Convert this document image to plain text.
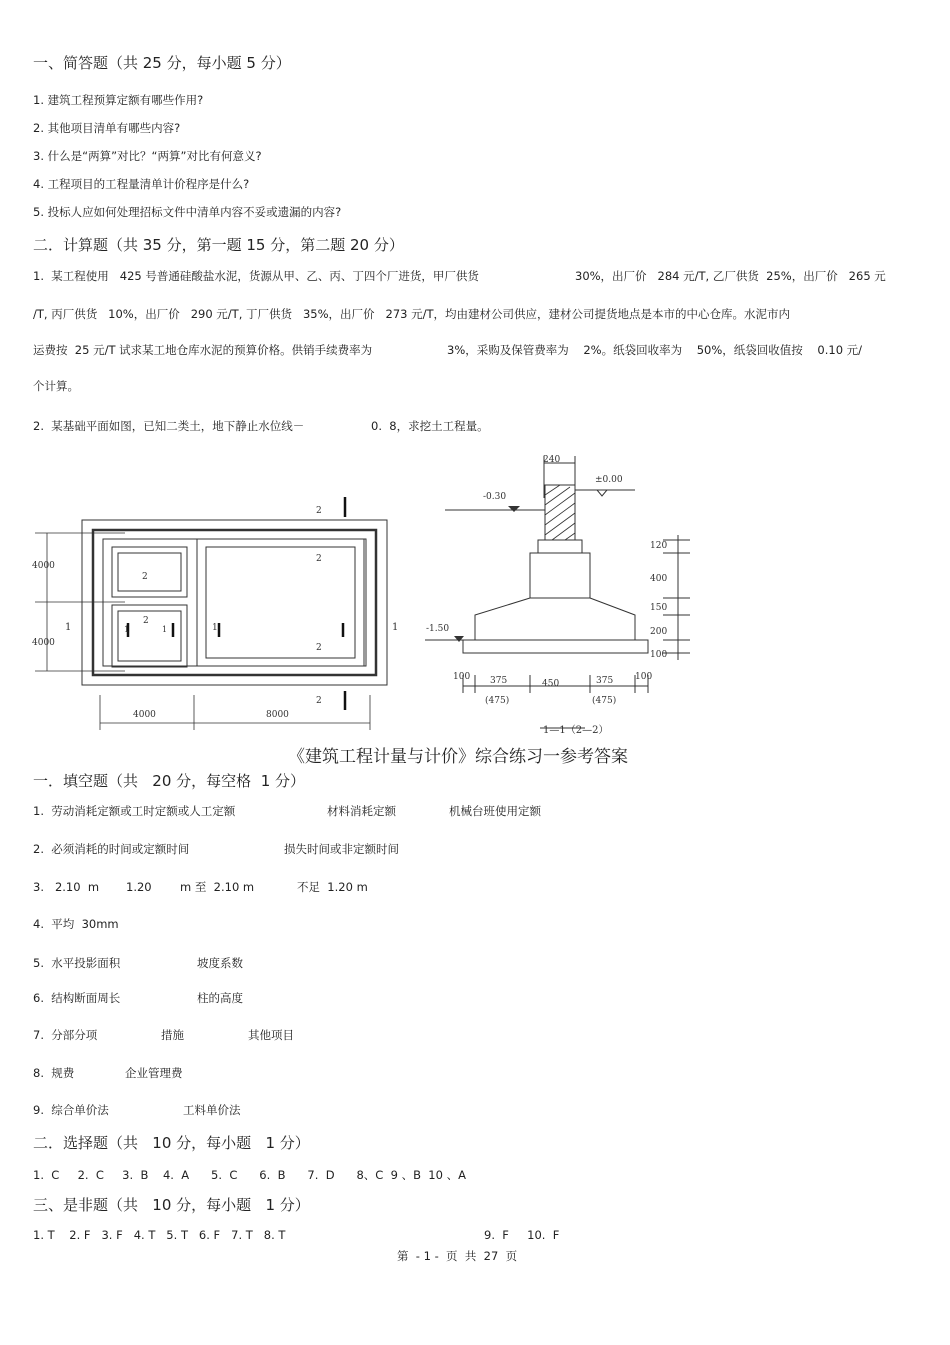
一、简答题（共 25 分，每小题 5 分）
1. 建筑工程预算定额有哪些作用?
2. 其他项目清单有哪些内容?
3. 什么是“两算”对比？“两算”对比有何意义?
4. 工程项目的工程量清单计价程序是什么?
5. 投标人应如何处理招标文件中清单内容不妥或遗漏的内容?
二．计算题（共 35 分，第一题 15 分，第二题 20 分）
1.  某工程使用   425 号普通硅酸盐水泥，货源从甲、乙、丙、丁四个厂进货，甲厂供货	30%，出厂价   284 元/T, 乙厂供货  25%，出厂价   265 元
/T, 丙厂供货   10%，出厂价   290 元/T, 丁厂供货   35%，出厂价   273 元/T，均由建材公司供应，建材公司提货地点是本市的中心仓库。水泥市内
运费按  25 元/T 试求某工地仓库水泥的预算价格。供销手续费率为	3%，采购及保管费率为    2%。纸袋回收率为    50%，纸袋回收值按    0.10 元/
个计算。
2.  某基础平面如图，已知二类土，地下静止水位线－	0.  8，求挖土工程量。
4000
4000
4000	8000
1	1
2
2
2
2
2
2
1	1	1
240
±0.00
-0.30
-1.50
120
400
150
200
100
100 375	450	375 100
(475)	(475)
1—1（2—2）
《建筑工程计量与计价》综合练习一参考答案
一．填空题（共   20 分，每空格  1 分）
1.  劳动消耗定额或工时定额或人工定额	材料消耗定额	机械台班使用定额
2.  必须消耗的时间或定额时间	损失时间或非定额时间
3.   2.10  m 1.20 m 至  2.10 m	不足  1.20 m
4.  平均  30mm
5.  水平投影面积	坡度系数
6.  结构断面周长	柱的高度
7.  分部分项	措施	其他项目
8.  规费	企业管理费
9.  综合单价法	工料单价法
二．选择题（共   10 分，每小题   1 分）
1.  C     2.  C     3.  B    4.  A      5.  C      6.  B      7.  D      8、C  9 、B  10 、A
三、是非题（共   10 分，每小题   1 分）
1. T    2. F   3. F   4. T   5. T   6. F   7. T   8. T	9.  F     10.  F
第  - 1 -  页  共  27  页
